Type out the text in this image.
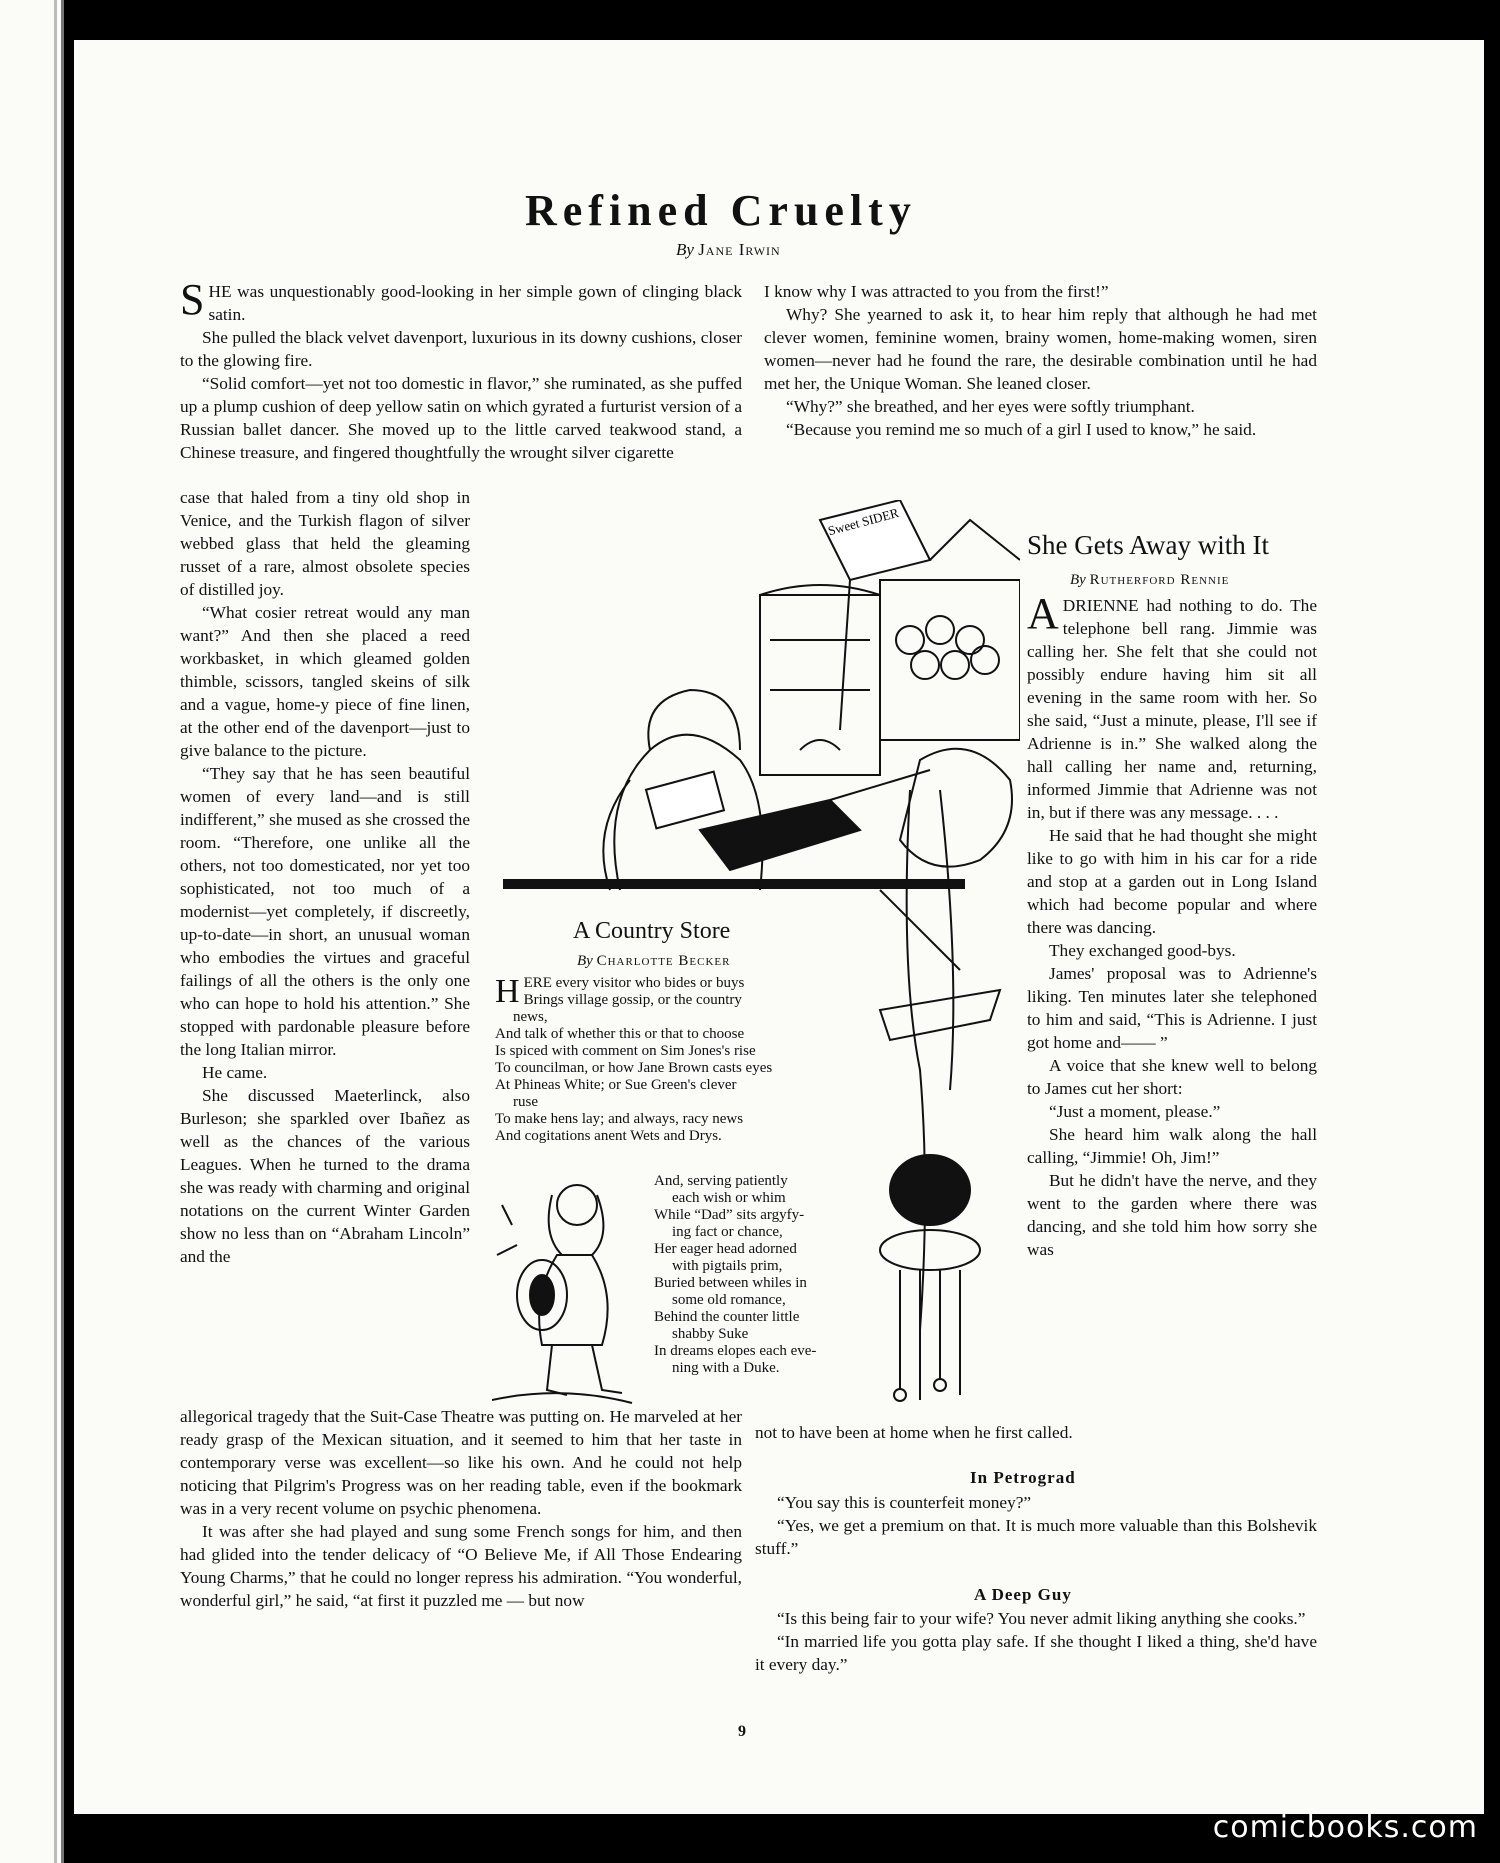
Refined Cruelty
By Jane Irwin

SHE was unquestionably good-looking in her simple gown of clinging black satin.

She pulled the black velvet davenport, luxurious in its downy cushions, closer to the glowing fire.

“Solid comfort—yet not too domestic in flavor,” she ruminated, as she puffed up a plump cushion of deep yellow satin on which gyrated a furturist version of a Russian ballet dancer. She moved up to the little carved teakwood stand, a Chinese treasure, and fingered thoughtfully the wrought silver cigarette

case that haled from a tiny old shop in Venice, and the Turkish flagon of silver webbed glass that held the gleaming russet of a rare, almost obsolete species of distilled joy.

“What cosier retreat would any man want?” And then she placed a reed workbasket, in which gleamed golden thimble, scissors, tangled skeins of silk and a vague, home-y piece of fine linen, at the other end of the davenport—just to give balance to the picture.

“They say that he has seen beautiful women of every land—and is still indifferent,” she mused as she crossed the room. “Therefore, one unlike all the others, not too domesticated, nor yet too sophisticated, not too much of a modernist—yet completely, if discreetly, up-to-date—in short, an unusual woman who embodies the virtues and graceful failings of all the others is the only one who can hope to hold his attention.” She stopped with pardonable pleasure before the long Italian mirror.

He came.

She discussed Maeterlinck, also Burleson; she sparkled over Ibañez as well as the chances of the various Leagues. When he turned to the drama she was ready with charming and original notations on the current Winter Garden show no less than on “Abraham Lincoln” and the

allegorical tragedy that the Suit-Case Theatre was putting on. He marveled at her ready grasp of the Mexican situation, and it seemed to him that her taste in contemporary verse was excellent—so like his own. And he could not help noticing that Pilgrim's Progress was on her reading table, even if the bookmark was in a very recent volume on psychic phenomena.

It was after she had played and sung some French songs for him, and then had glided into the tender delicacy of “O Believe Me, if All Those Endearing Young Charms,” that he could no longer repress his admiration. “You wonderful, wonderful girl,” he said, “at first it puzzled me — but now

I know why I was attracted to you from the first!”

Why? She yearned to ask it, to hear him reply that although he had met clever women, feminine women, brainy women, home-making women, siren women—never had he found the rare, the desirable combination until he had met her, the Unique Woman. She leaned closer.

“Why?” she breathed, and her eyes were softly triumphant.

“Because you remind me so much of a girl I used to know,” he said.

Sweet SIDER
A Country Store
By Charlotte Becker
HERE every visitor who bides or buys
Brings village gossip, or the country
news,
And talk of whether this or that to choose
Is spiced with comment on Sim Jones's rise
To councilman, or how Jane Brown casts eyes
At Phineas White; or Sue Green's clever
ruse
To make hens lay; and always, racy news
And cogitations anent Wets and Drys.
And, serving patiently
each wish or whim
While “Dad” sits argyfy-
ing fact or chance,
Her eager head adorned
with pigtails prim,
Buried between whiles in
some old romance,
Behind the counter little
shabby Suke
In dreams elopes each eve-
ning with a Duke.
She Gets Away with It
By Rutherford Rennie

ADRIENNE had nothing to do. The telephone bell rang. Jimmie was calling her. She felt that she could not possibly endure having him sit all evening in the same room with her. So she said, “Just a minute, please, I'll see if Adrienne is in.” She walked along the hall calling her name and, returning, informed Jimmie that Adrienne was not in, but if there was any message. . . .

He said that he had thought she might like to go with him in his car for a ride and stop at a garden out in Long Island which had become popular and where there was dancing.

They exchanged good-bys.

James' proposal was to Adrienne's liking. Ten minutes later she telephoned to him and said, “This is Adrienne. I just got home and—— ”

A voice that she knew well to belong to James cut her short:

“Just a moment, please.”

She heard him walk along the hall calling, “Jimmie! Oh, Jim!”

But he didn't have the nerve, and they went to the garden where there was dancing, and she told him how sorry she was

not to have been at home when he first called.
In Petrograd

“You say this is counterfeit money?”

“Yes, we get a premium on that. It is much more valuable than this Bolshevik stuff.”

A Deep Guy

“Is this being fair to your wife? You never admit liking anything she cooks.”

“In married life you gotta play safe. If she thought I liked a thing, she'd have it every day.”

9
comicbooks.com
